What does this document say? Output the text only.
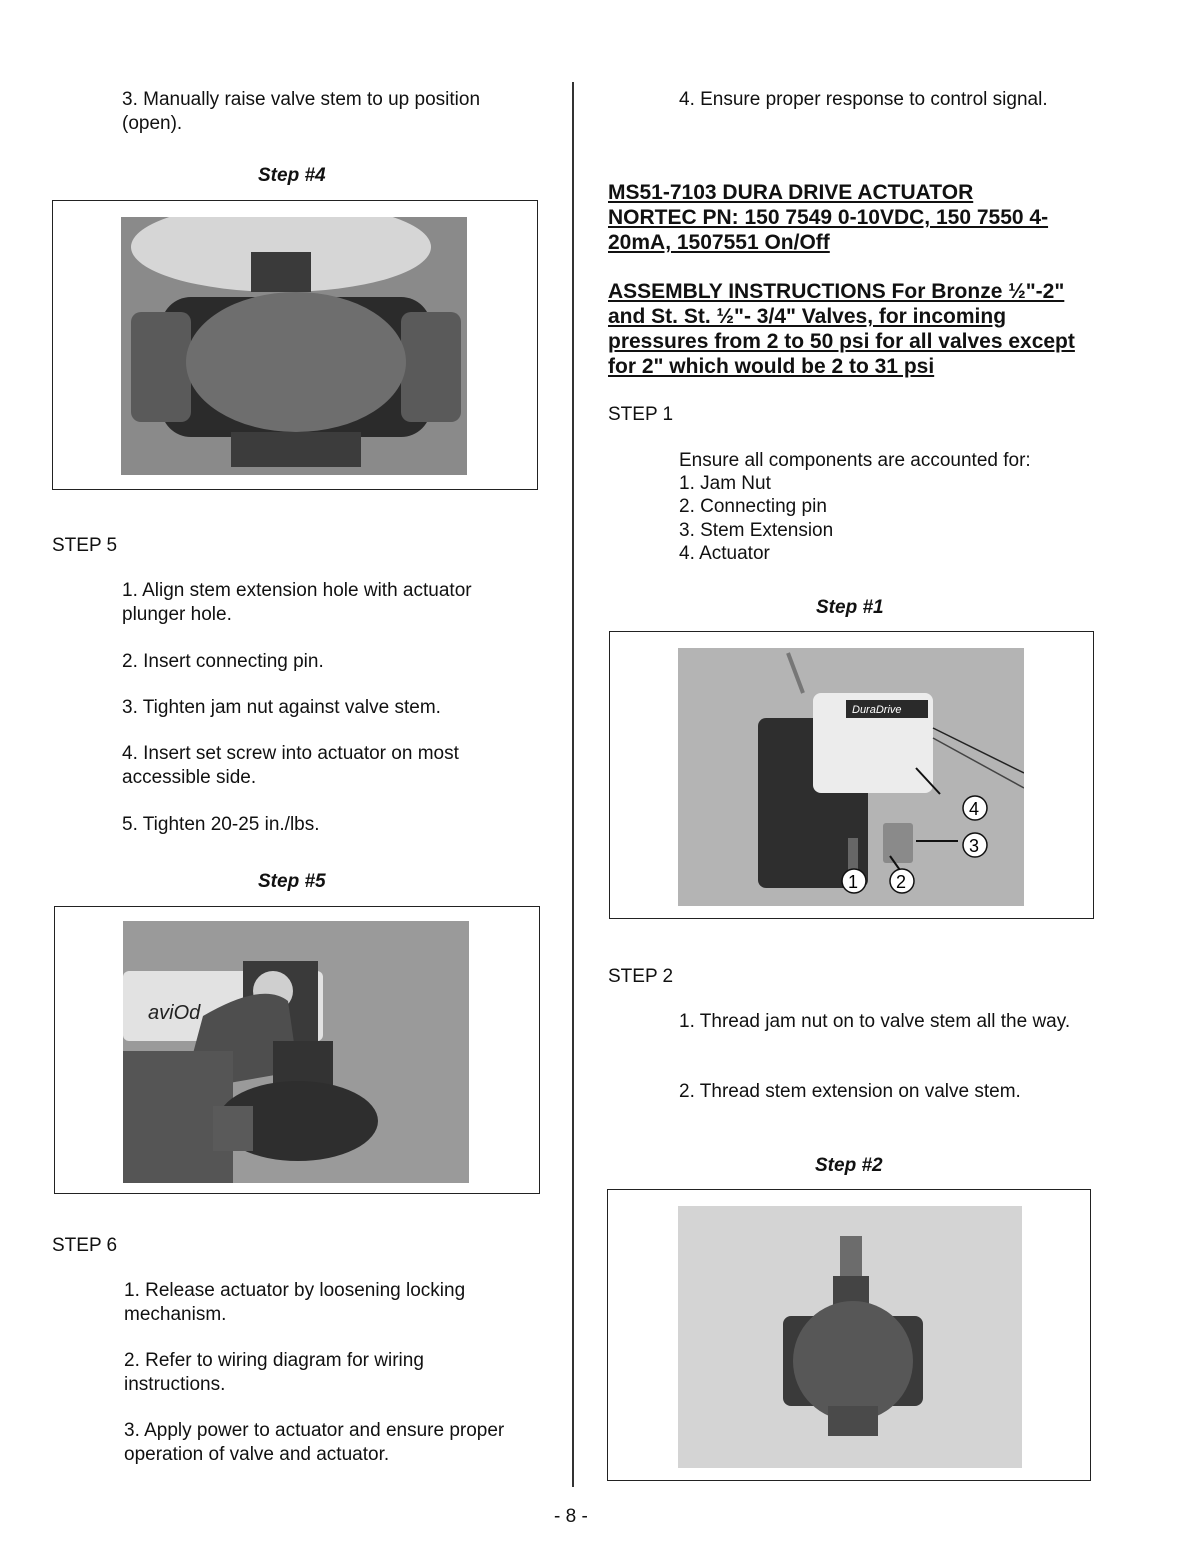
3. Manually raise valve stem to up position (open).
Step #4
STEP 5
1. Align stem extension hole with actuator plunger hole.
2. Insert connecting pin.
3. Tighten jam nut against valve stem.
4. Insert set screw into actuator on most accessible side.
5. Tighten 20-25 in./lbs.
Step #5
aviOd
STEP 6
1. Release actuator by loosening locking mechanism.
2. Refer to wiring diagram for wiring instructions.
3. Apply power to actuator and ensure proper operation of valve and actuator.
4. Ensure proper response to control signal.
MS51-7103 DURA DRIVE ACTUATOR NORTEC PN: 150 7549 0-10VDC, 150 7550 4-20mA, 1507551 On/Off
ASSEMBLY INSTRUCTIONS For Bronze ½"-2" and St. St. ½"- 3/4" Valves, for incoming pressures from 2 to 50 psi for all valves except for 2" which would be 2 to 31 psi
STEP 1
Ensure all components are accounted for:
1. Jam Nut
2. Connecting pin
3. Stem Extension
4. Actuator
Step #1
DuraDrive
4
3
1 2
STEP 2
1. Thread jam nut on to valve stem all the way.
2. Thread stem extension on valve stem.
Step #2
- 8 -
